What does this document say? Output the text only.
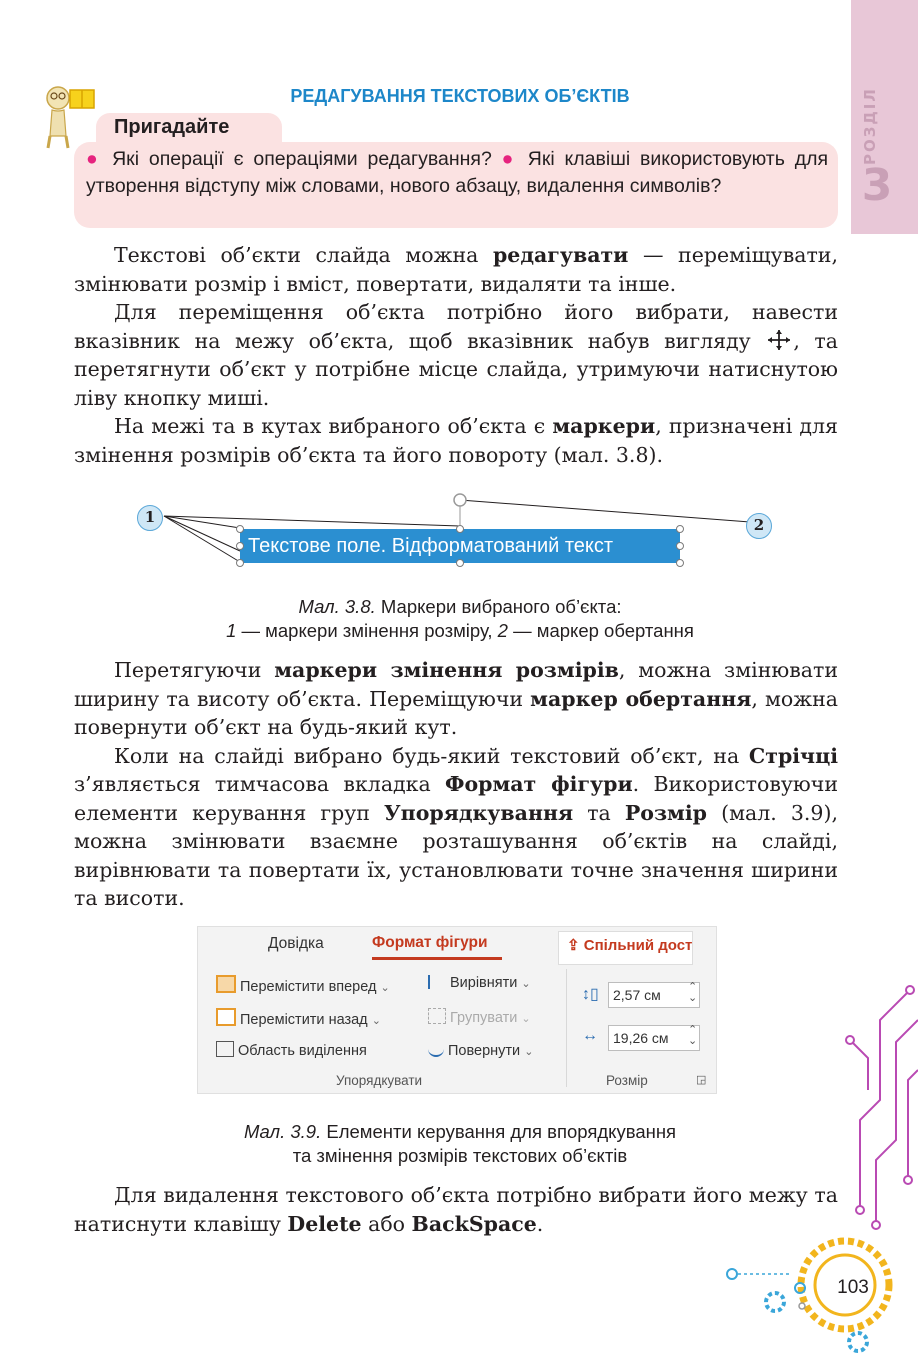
РОЗДІЛ
3
РЕДАГУВАННЯ ТЕКСТОВИХ ОБ’ЄКТІВ
Пригадайте
● Які операції є операціями редагування? ● Які клавіші використовують для утворення відступу між словами, нового абзацу, видалення символів?

Текстові об’єкти слайда можна редагувати — переміщувати, змінювати розмір і вміст, повертати, видаляти та інше.

Для переміщення об’єкта потрібно його вибрати, навести вказівник на межу об’єкта, щоб вказівник набув вигляду , та перетягнути об’єкт у потрібне місце слайда, утримуючи натиснутою ліву кнопку миші.

На межі та в кутах вибраного об’єкта є маркери, призначені для змінення розмірів об’єкта та його повороту (мал. 3.8).

1	2
Текстове поле. Відформатований текст
Мал. 3.8. Маркери вибраного об’єкта:
1 — маркери змінення розміру, 2 — маркер обертання

Перетягуючи маркери змінення розмірів, можна змінювати ширину та висоту об’єкта. Переміщуючи маркер обертання, можна повернути об’єкт на будь-який кут.

Коли на слайді вибрано будь-який текстовий об’єкт, на Стрічці з’являється тимчасова вкладка Формат фігури. Використовуючи елементи керування груп Упорядкування та Розмір (мал. 3.9), можна змінювати взаємне розташування об’єктів на слайді, вирівнювати та повертати їх, установлювати точне значення ширини та висоти.

Довідка	Формат фігури	⇪ Спільний дост
Перемістити вперед ⌄
Перемістити назад ⌄
Область виділення
Вирівняти ⌄
Групувати ⌄
Повернути ⌄
↕▯	2,57 см	⌃
⌄
↔	19,26 см	⌃
⌄
Упорядкувати	Розмір	◲
Мал. 3.9. Елементи керування для впорядкування
та змінення розмірів текстових об’єктів

Для видалення текстового об’єкта потрібно вибрати його межу та натиснути клавішу Delete або BackSpace.

103
